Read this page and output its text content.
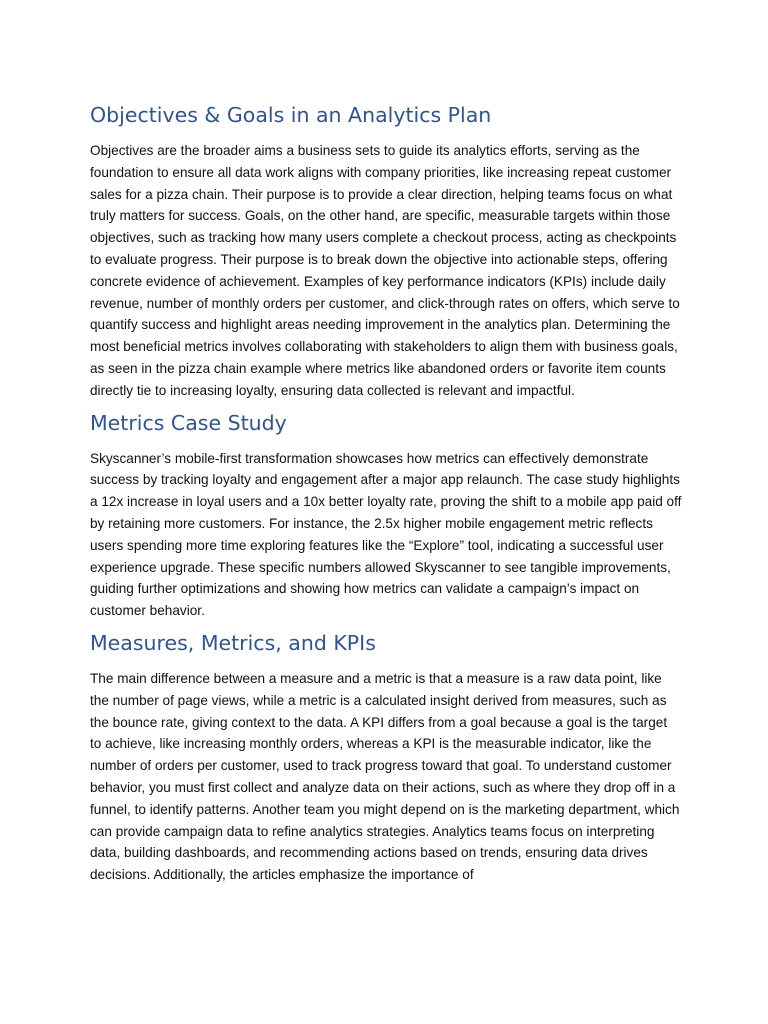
Objectives & Goals in an Analytics Plan

Objectives are the broader aims a business sets to guide its analytics efforts, serving as the foundation to ensure all data work aligns with company priorities, like increasing repeat customer sales for a pizza chain. Their purpose is to provide a clear direction, helping teams focus on what truly matters for success. Goals, on the other hand, are specific, measurable targets within those objectives, such as tracking how many users complete a checkout process, acting as checkpoints to evaluate progress. Their purpose is to break down the objective into actionable steps, offering concrete evidence of achievement. Examples of key performance indicators (KPIs) include daily revenue, number of monthly orders per customer, and click-through rates on offers, which serve to quantify success and highlight areas needing improvement in the analytics plan. Determining the most beneficial metrics involves collaborating with stakeholders to align them with business goals, as seen in the pizza chain example where metrics like abandoned orders or favorite item counts directly tie to increasing loyalty, ensuring data collected is relevant and impactful.

Metrics Case Study

Skyscanner’s mobile-first transformation showcases how metrics can effectively demonstrate success by tracking loyalty and engagement after a major app relaunch. The case study highlights a 12x increase in loyal users and a 10x better loyalty rate, proving the shift to a mobile app paid off by retaining more customers. For instance, the 2.5x higher mobile engagement metric reflects users spending more time exploring features like the “Explore” tool, indicating a successful user experience upgrade. These specific numbers allowed Skyscanner to see tangible improvements, guiding further optimizations and showing how metrics can validate a campaign’s impact on customer behavior.

Measures, Metrics, and KPIs

The main difference between a measure and a metric is that a measure is a raw data point, like the number of page views, while a metric is a calculated insight derived from measures, such as the bounce rate, giving context to the data. A KPI differs from a goal because a goal is the target to achieve, like increasing monthly orders, whereas a KPI is the measurable indicator, like the number of orders per customer, used to track progress toward that goal. To understand customer behavior, you must first collect and analyze data on their actions, such as where they drop off in a funnel, to identify patterns. Another team you might depend on is the marketing department, which can provide campaign data to refine analytics strategies. Analytics teams focus on interpreting data, building dashboards, and recommending actions based on trends, ensuring data drives decisions. Additionally, the articles emphasize the importance of
